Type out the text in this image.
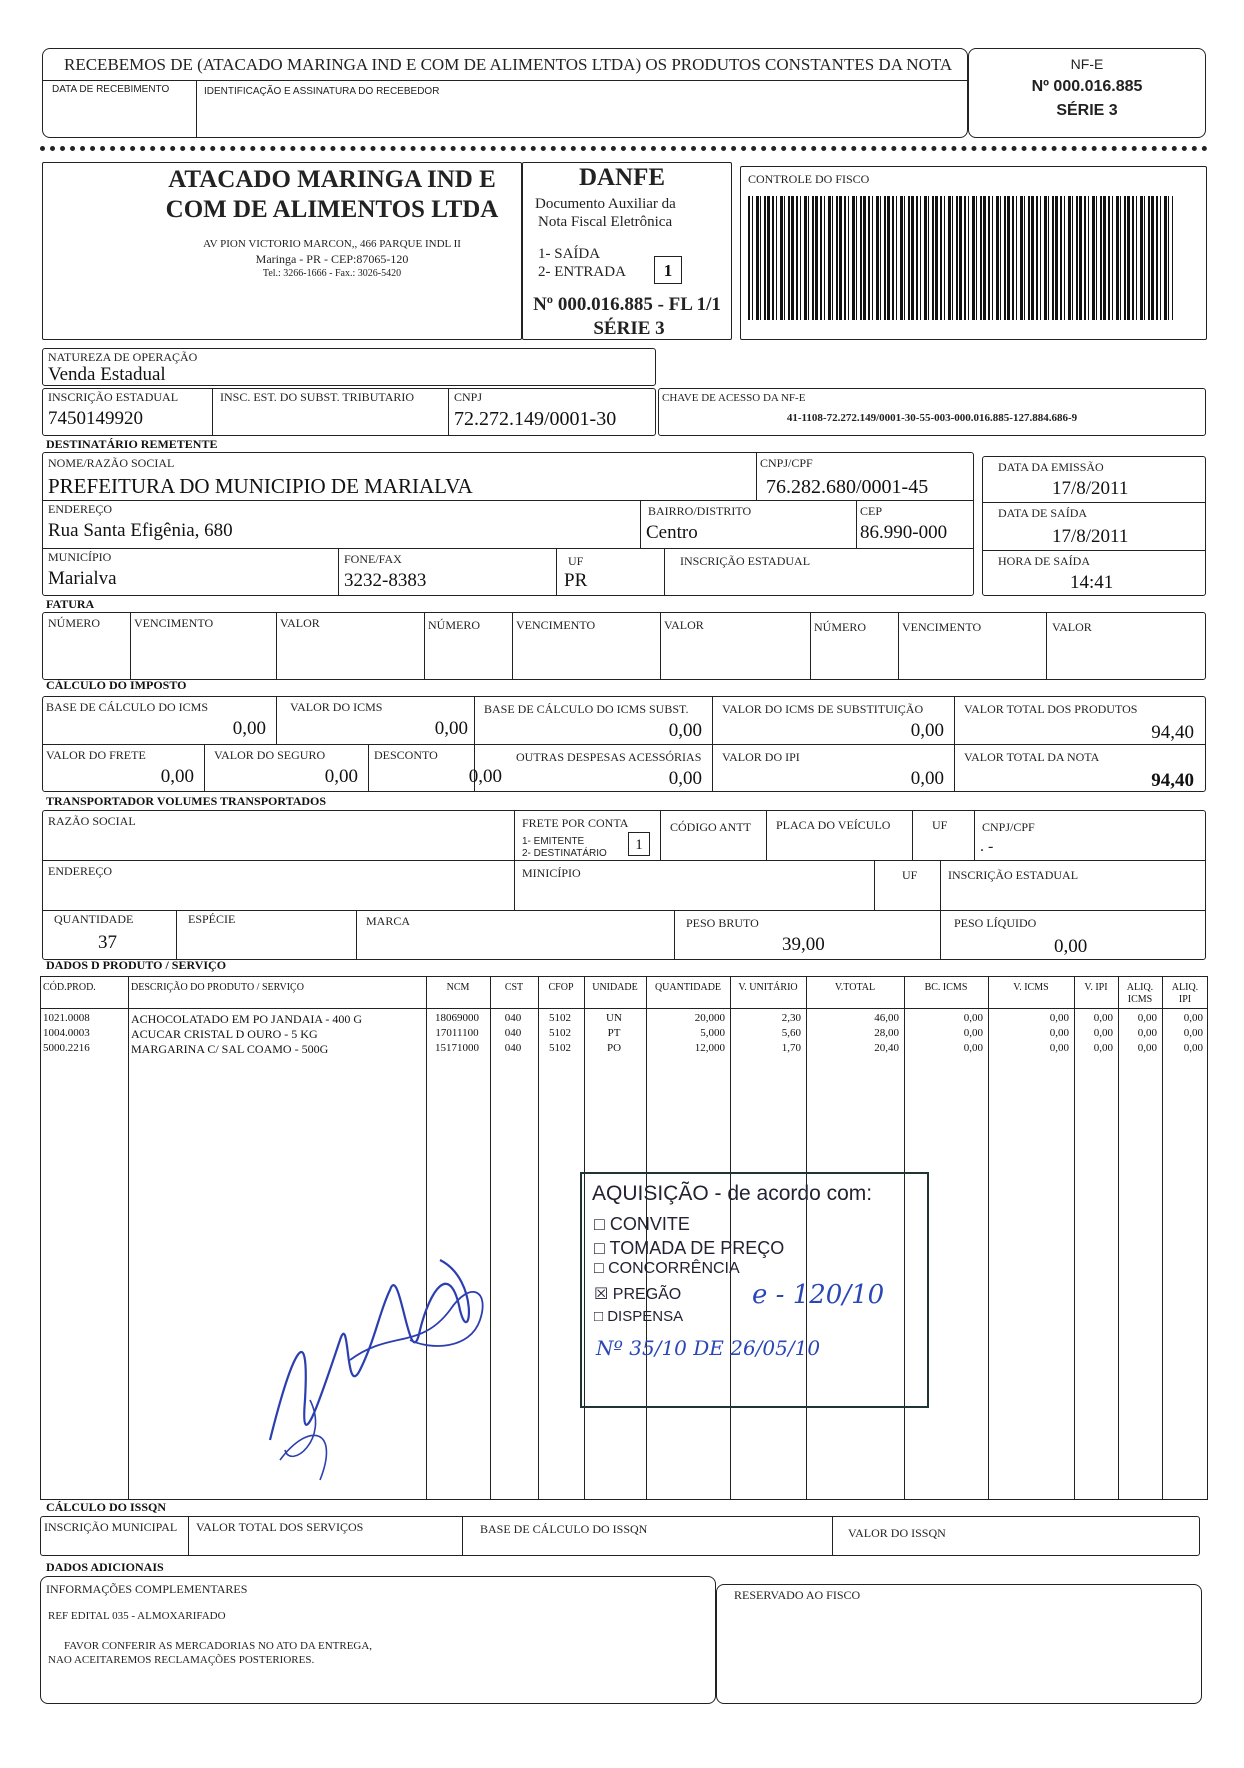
RECEBEMOS DE (ATACADO MARINGA IND E COM DE ALIMENTOS LTDA) OS PRODUTOS CONSTANTES DA NOTA
DATA DE RECEBIMENTO	IDENTIFICAÇÃO E ASSINATURA DO RECEBEDOR
NF-E
Nº 000.016.885
SÉRIE 3
ATACADO MARINGA IND E
COM DE ALIMENTOS LTDA
AV PION VICTORIO MARCON,, 466 PARQUE INDL II
Maringa - PR - CEP:87065-120
Tel.: 3266-1666 - Fax.: 3026-5420
DANFE
Documento Auxiliar da
Nota Fiscal Eletrônica
1- SAÍDA
2- ENTRADA	1
Nº 000.016.885 - FL 1/1
SÉRIE 3
CONTROLE DO FISCO
NATUREZA DE OPERAÇÃO
Venda Estadual
INSCRIÇÃO ESTADUAL
7450149920
INSC. EST. DO SUBST. TRIBUTARIO	CNPJ
72.272.149/0001-30
CHAVE DE ACESSO DA NF-E
41-1108-72.272.149/0001-30-55-003-000.016.885-127.884.686-9
DESTINATÁRIO REMETENTE
NOME/RAZÃO SOCIAL
PREFEITURA DO MUNICIPIO DE MARIALVA
CNPJ/CPF
76.282.680/0001-45
ENDEREÇO
Rua Santa Efigênia, 680
BAIRRO/DISTRITO
Centro
CEP
86.990-000
MUNICÍPIO
Marialva
FONE/FAX
3232-8383
UF
PR
INSCRIÇÃO ESTADUAL
DATA DA EMISSÃO
17/8/2011
DATA DE SAÍDA
17/8/2011
HORA DE SAÍDA
14:41
FATURA
NÚMERO	VENCIMENTO	VALOR	NÚMERO	VENCIMENTO	VALOR	NÚMERO	VENCIMENTO	VALOR
CÁLCULO DO IMPOSTO
BASE DE CÁLCULO DO ICMS
0,00
VALOR DO ICMS
0,00
BASE DE CÁLCULO DO ICMS SUBST.
0,00
VALOR DO ICMS DE SUBSTITUIÇÃO
0,00
VALOR TOTAL DOS PRODUTOS
94,40
VALOR DO FRETE
0,00
VALOR DO SEGURO
0,00
DESCONTO
0,00
OUTRAS DESPESAS ACESSÓRIAS
0,00
VALOR DO IPI
0,00
VALOR TOTAL DA NOTA
94,40
TRANSPORTADOR VOLUMES TRANSPORTADOS
RAZÃO SOCIAL	FRETE POR CONTA
1- EMITENTE
2- DESTINATÁRIO
1
CÓDIGO ANTT PLACA DO VEÍCULO	UF	CNPJ/CPF
. -
ENDEREÇO	MINICÍPIO	UF	INSCRIÇÃO ESTADUAL
QUANTIDADE
37
ESPÉCIE	MARCA	PESO BRUTO
39,00
PESO LÍQUIDO
0,00
DADOS D PRODUTO / SERVIÇO
CÓD.PROD.	DESCRIÇÃO DO PRODUTO / SERVIÇO	NCM	CST	CFOP	UNIDADE	QUANTIDADE	V. UNITÁRIO	V.TOTAL	BC. ICMS	V. ICMS	V. IPI	ALIQ. ICMS
ALIQ. IPI
1021.0008	ACHOCOLATADO EM PO JANDAIA - 400 G	18069000	040	5102	UN	20,000	2,30	46,00	0,00	0,00	0,00	0,00	0,00
1004.0003	ACUCAR CRISTAL D OURO - 5 KG	17011100	040	5102	PT	5,000	5,60	28,00	0,00	0,00	0,00	0,00	0,00
5000.2216	MARGARINA C/ SAL COAMO - 500G	15171000	040	5102	PO	12,000	1,70	20,40	0,00	0,00	0,00	0,00	0,00
AQUISIÇÃO - de acordo com:
□ CONVITE
□ TOMADA DE PREÇO
□ CONCORRÊNCIA
☒ PREGÃO	e - 120/10
□ DISPENSA
Nº 35/10 DE 26/05/10
CÁLCULO DO ISSQN
INSCRIÇÃO MUNICIPAL VALOR TOTAL DOS SERVIÇOS	BASE DE CÁLCULO DO ISSQN	VALOR DO ISSQN
DADOS ADICIONAIS
INFORMAÇÕES COMPLEMENTARES
REF EDITAL 035 - ALMOXARIFADO
FAVOR CONFERIR AS MERCADORIAS NO ATO DA ENTREGA,
NAO ACEITAREMOS RECLAMAÇÕES POSTERIORES.
RESERVADO AO FISCO
